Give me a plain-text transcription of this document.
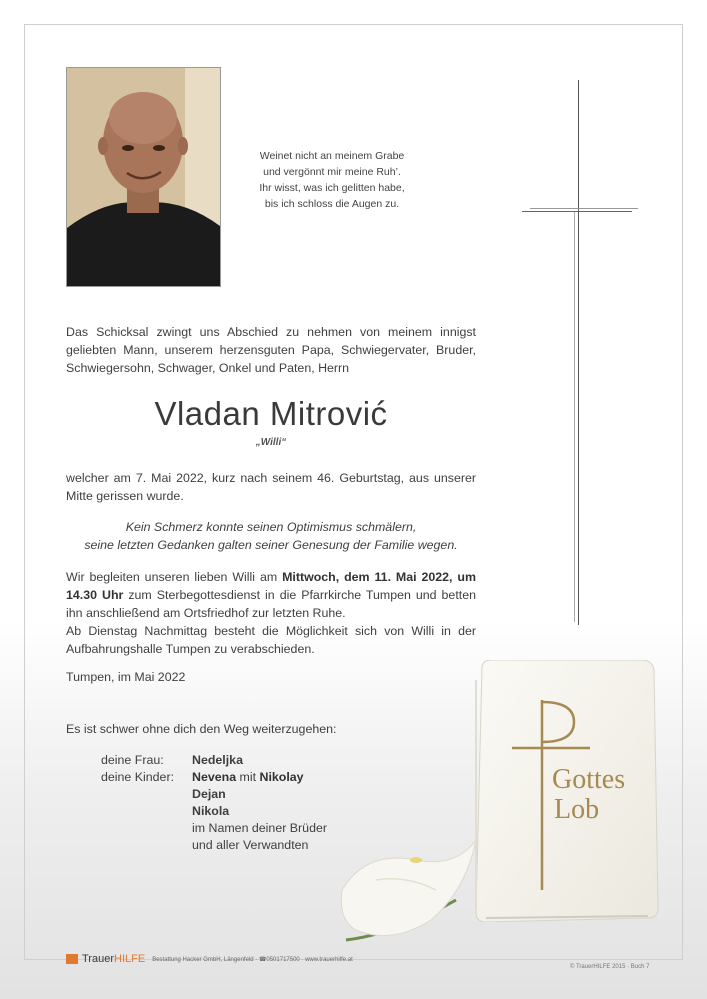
Weinet nicht an meinem Grabe
und vergönnt mir meine Ruh’.
Ihr wisst, was ich gelitten habe,
bis ich schloss die Augen zu.
Das Schicksal zwingt uns Abschied zu nehmen von meinem innigst geliebten Mann, unserem herzensguten Papa, Schwiegervater, Bruder, Schwiegersohn, Schwager, Onkel und Paten, Herrn
Vladan Mitrović
„Willi“
welcher am 7. Mai 2022, kurz nach seinem 46. Geburtstag, aus unserer Mitte gerissen wurde.
Kein Schmerz konnte seinen Optimismus schmälern,
seine letzten Gedanken galten seiner Genesung der Familie wegen.
Wir begleiten unseren lieben Willi am Mittwoch, dem 11. Mai 2022, um 14.30 Uhr zum Sterbegottesdienst in die Pfarrkirche Tumpen und betten ihn anschließend am Ortsfriedhof zur letzten Ruhe.
Ab Dienstag Nachmittag besteht die Möglichkeit sich von Willi in der Aufbahrungshalle Tumpen zu verabschieden.
Tumpen, im Mai 2022
Es ist schwer ohne dich den Weg weiterzugehen:
deine Frau:	Nedeljka
deine Kinder:	Nevena mit Nikolay
Dejan
Nikola
im Namen deiner Brüder
und aller Verwandten
Gottes
Lob
Trauer HILFE Bestattung Hacker GmbH, Längenfeld · ☎0501717500 · www.trauerhilfe.at
© TrauerHILFE 2015 · Buch 7
